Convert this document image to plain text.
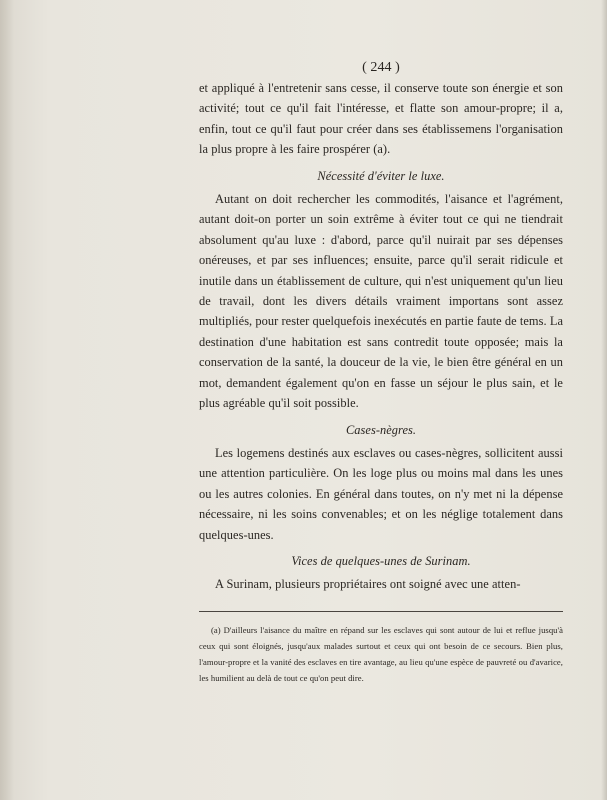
( 244 )

et appliqué à l'entretenir sans cesse, il conserve toute son énergie et son activité; tout ce qu'il fait l'intéresse, et flatte son amour-propre; il a, enfin, tout ce qu'il faut pour créer dans ses établissemens l'organisation la plus propre à les faire prospérer (a).

Nécessité d'éviter le luxe.

Autant on doit rechercher les commodités, l'aisance et l'agrément, autant doit-on porter un soin extrême à éviter tout ce qui ne tiendrait absolument qu'au luxe : d'abord, parce qu'il nuirait par ses dépenses onéreuses, et par ses influences; ensuite, parce qu'il serait ridicule et inutile dans un établissement de culture, qui n'est uniquement qu'un lieu de travail, dont les divers détails vraiment importans sont assez multipliés, pour rester quelquefois inexécutés en partie faute de tems. La destination d'une habitation est sans contredit toute opposée; mais la conservation de la santé, la douceur de la vie, le bien être général en un mot, demandent également qu'on en fasse un séjour le plus sain, et le plus agréable qu'il soit possible.

Cases-nègres.

Les logemens destinés aux esclaves ou cases-nègres, sollicitent aussi une attention particulière. On les loge plus ou moins mal dans les unes ou les autres colonies. En général dans toutes, on n'y met ni la dépense nécessaire, ni les soins convenables; et on les néglige totalement dans quelques-unes.

Vices de quelques-unes de Surinam.

A Surinam, plusieurs propriétaires ont soigné avec une atten-

(a) D'ailleurs l'aisance du maître en répand sur les esclaves qui sont autour de lui et reflue jusqu'à ceux qui sont éloignés, jusqu'aux malades surtout et ceux qui ont besoin de ce secours. Bien plus, l'amour-propre et la vanité des esclaves en tire avantage, au lieu qu'une espèce de pauvreté ou d'avarice, les humilient au delà de tout ce qu'on peut dire.
